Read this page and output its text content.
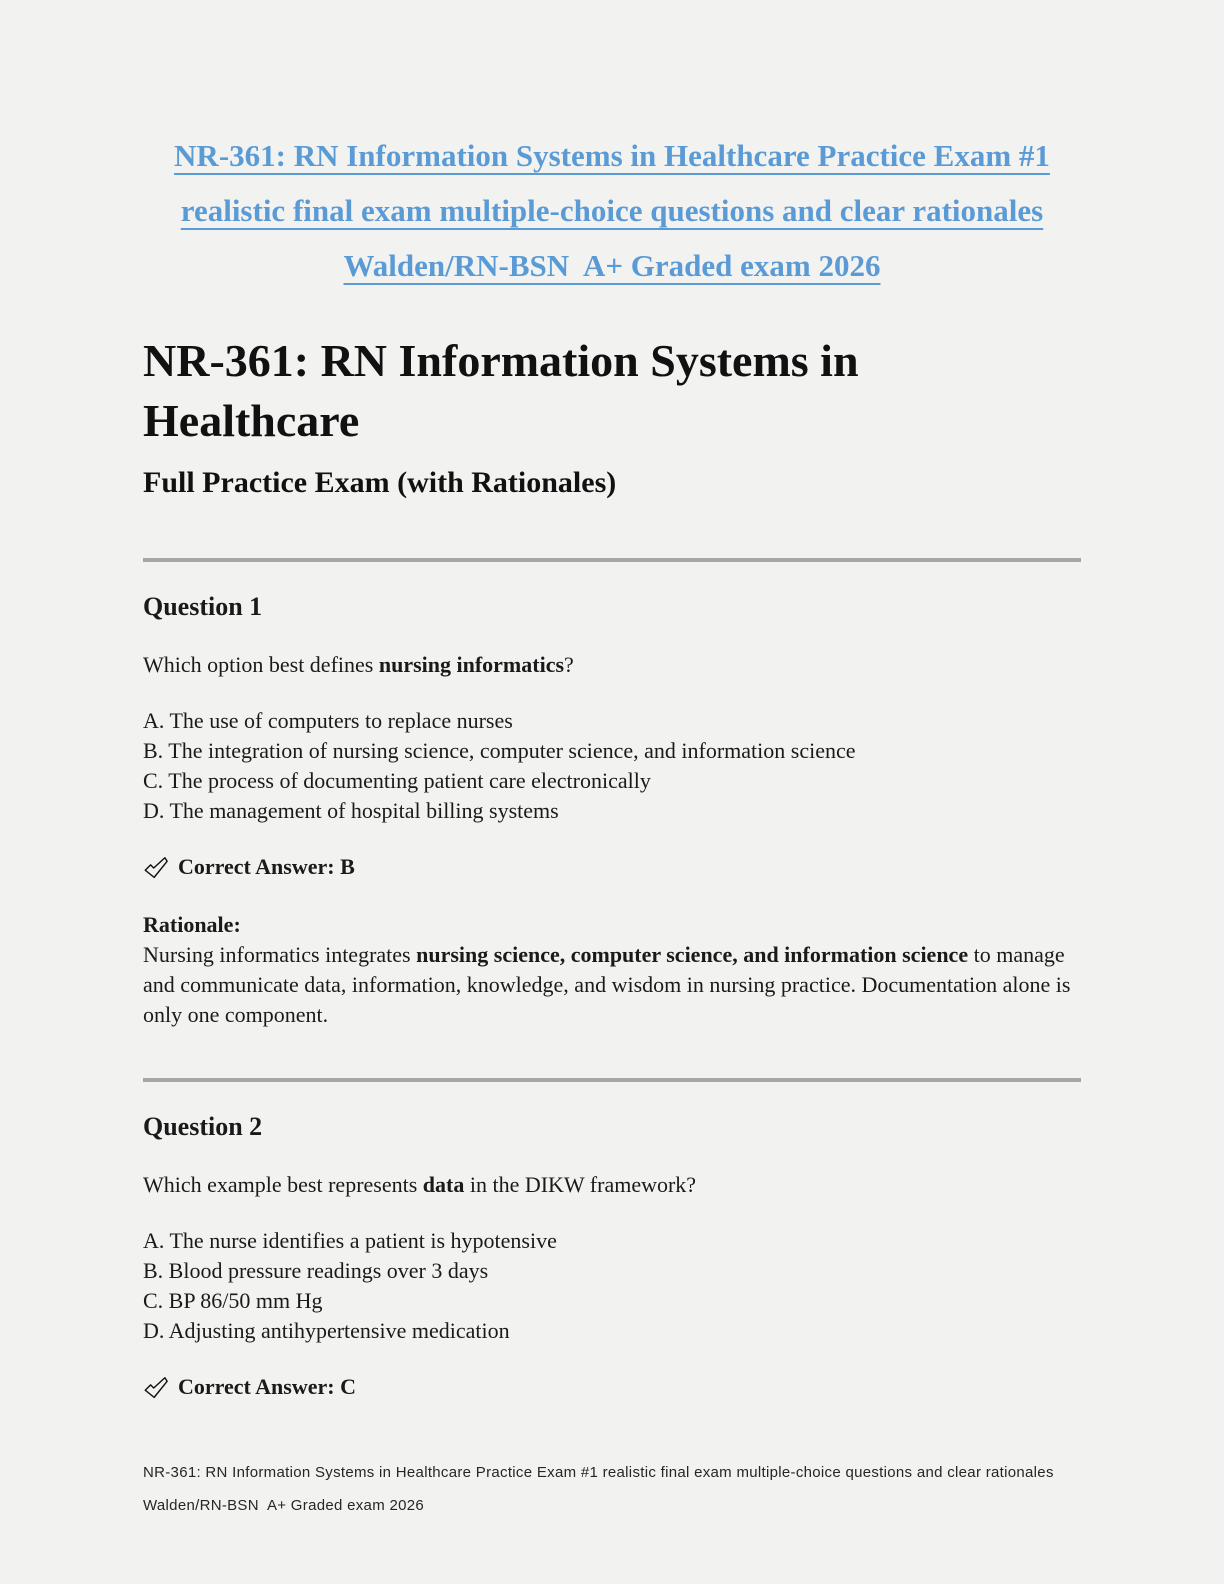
NR-361: RN Information Systems in Healthcare Practice Exam #1
realistic final exam multiple-choice questions and clear rationales
Walden/RN-BSN  A+ Graded exam 2026
NR-361: RN Information Systems in Healthcare
Full Practice Exam (with Rationales)
Question 1

Which option best defines nursing informatics?

A. The use of computers to replace nurses
B. The integration of nursing science, computer science, and information science
C. The process of documenting patient care electronically
D. The management of hospital billing systems
Correct Answer: B
Rationale:
Nursing informatics integrates nursing science, computer science, and information science to manage and communicate data, information, knowledge, and wisdom in nursing practice. Documentation alone is only one component.
Question 2

Which example best represents data in the DIKW framework?

A. The nurse identifies a patient is hypotensive
B. Blood pressure readings over 3 days
C. BP 86/50 mm Hg
D. Adjusting antihypertensive medication
Correct Answer: C
NR-361: RN Information Systems in Healthcare Practice Exam #1 realistic final exam multiple-choice questions and clear rationales Walden/RN-BSN  A+ Graded exam 2026
